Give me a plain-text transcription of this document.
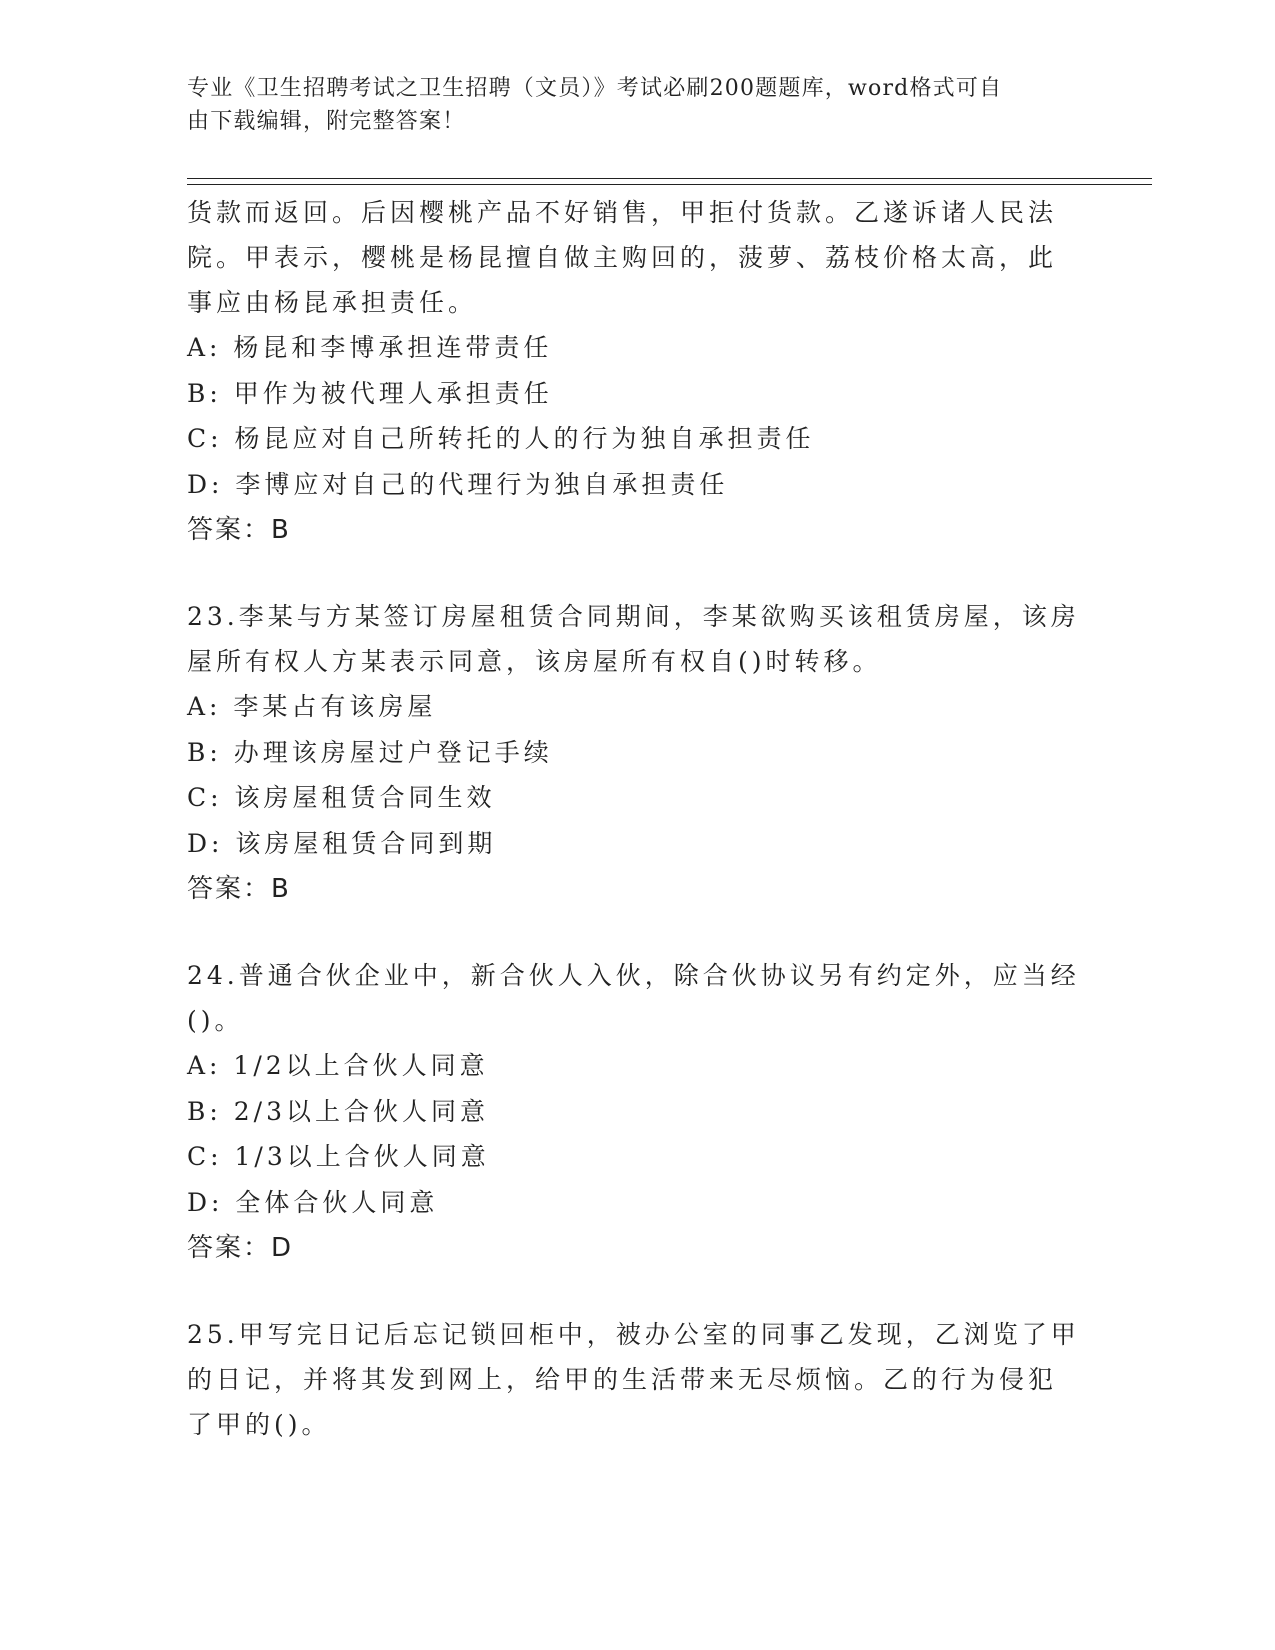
专业《卫生招聘考试之卫生招聘（文员）》考试必刷200题题库，word格式可自
由下载编辑，附完整答案！

货款而返回。后因樱桃产品不好销售，甲拒付货款。乙遂诉诸人民法

院。甲表示，樱桃是杨昆擅自做主购回的，菠萝、荔枝价格太高，此

事应由杨昆承担责任。

A: 杨昆和李博承担连带责任

B: 甲作为被代理人承担责任

C: 杨昆应对自己所转托的人的行为独自承担责任

D: 李博应对自己的代理行为独自承担责任

答案：B

23.李某与方某签订房屋租赁合同期间，李某欲购买该租赁房屋，该房

屋所有权人方某表示同意，该房屋所有权自()时转移。

A: 李某占有该房屋

B: 办理该房屋过户登记手续

C: 该房屋租赁合同生效

D: 该房屋租赁合同到期

答案：B

24.普通合伙企业中，新合伙人入伙，除合伙协议另有约定外，应当经

()。

A: 1/2以上合伙人同意

B: 2/3以上合伙人同意

C: 1/3以上合伙人同意

D: 全体合伙人同意

答案：D

25.甲写完日记后忘记锁回柜中，被办公室的同事乙发现，乙浏览了甲

的日记，并将其发到网上，给甲的生活带来无尽烦恼。乙的行为侵犯

了甲的()。
